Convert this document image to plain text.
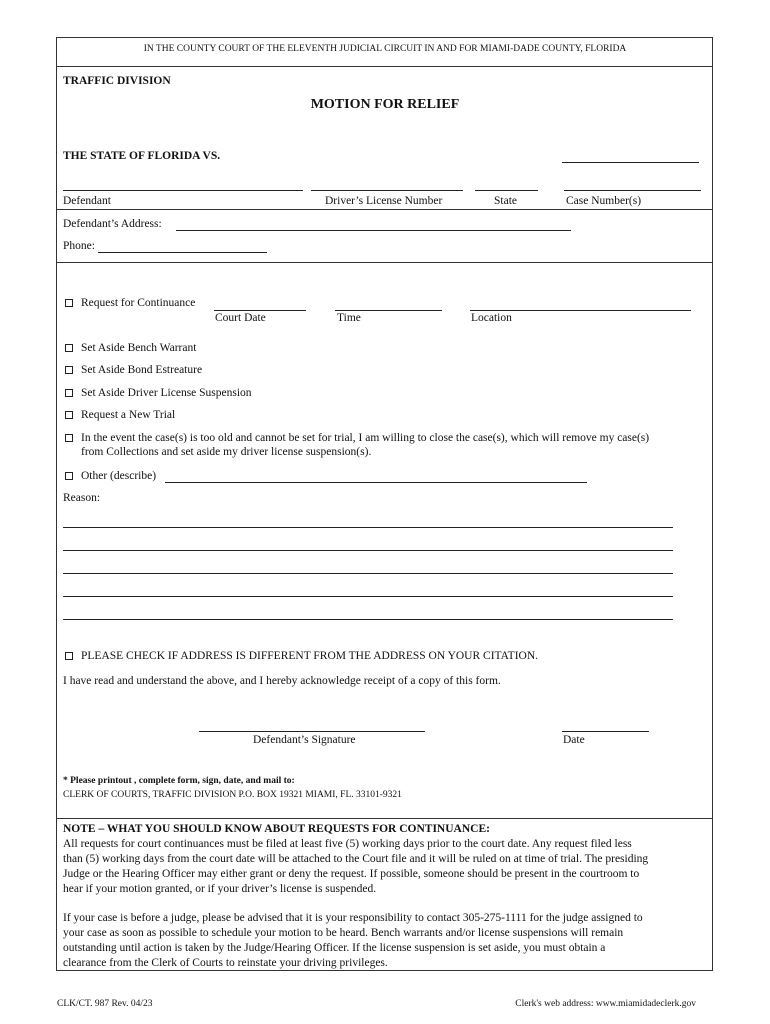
IN THE COUNTY COURT OF THE ELEVENTH JUDICIAL CIRCUIT IN AND FOR MIAMI-DADE COUNTY, FLORIDA
TRAFFIC DIVISION
MOTION FOR RELIEF
THE STATE OF FLORIDA VS.
Defendant	Driver’s License Number	State	Case Number(s)
Defendant’s Address:
Phone:
Request for Continuance
Court Date	Time	Location
Set Aside Bench Warrant
Set Aside Bond Estreature
Set Aside Driver License Suspension
Request a New Trial
In the event the case(s) is too old and cannot be set for trial, I am willing to close the case(s), which will remove my case(s)
from Collections and set aside my driver license suspension(s).
Other (describe)
Reason:
PLEASE CHECK IF ADDRESS IS DIFFERENT FROM THE ADDRESS ON YOUR CITATION.
I have read and understand the above, and I hereby acknowledge receipt of a copy of this form.
Defendant’s Signature	Date
* Please printout , complete form, sign, date, and mail to:
CLERK OF COURTS, TRAFFIC DIVISION P.O. BOX 19321 MIAMI, FL. 33101-9321
NOTE – WHAT YOU SHOULD KNOW ABOUT REQUESTS FOR CONTINUANCE:
All requests for court continuances must be filed at least five (5) working days prior to the court date. Any request filed less
than (5) working days from the court date will be attached to the Court file and it will be ruled on at time of trial. The presiding
Judge or the Hearing Officer may either grant or deny the request. If possible, someone should be present in the courtroom to
hear if your motion granted, or if your driver’s license is suspended.
If your case is before a judge, please be advised that it is your responsibility to contact 305-275-1111 for the judge assigned to
your case as soon as possible to schedule your motion to be heard. Bench warrants and/or license suspensions will remain
outstanding until action is taken by the Judge/Hearing Officer. If the license suspension is set aside, you must obtain a
clearance from the Clerk of Courts to reinstate your driving privileges.
CLK/CT. 987 Rev. 04/23	Clerk's web address: www.miamidadeclerk.gov
